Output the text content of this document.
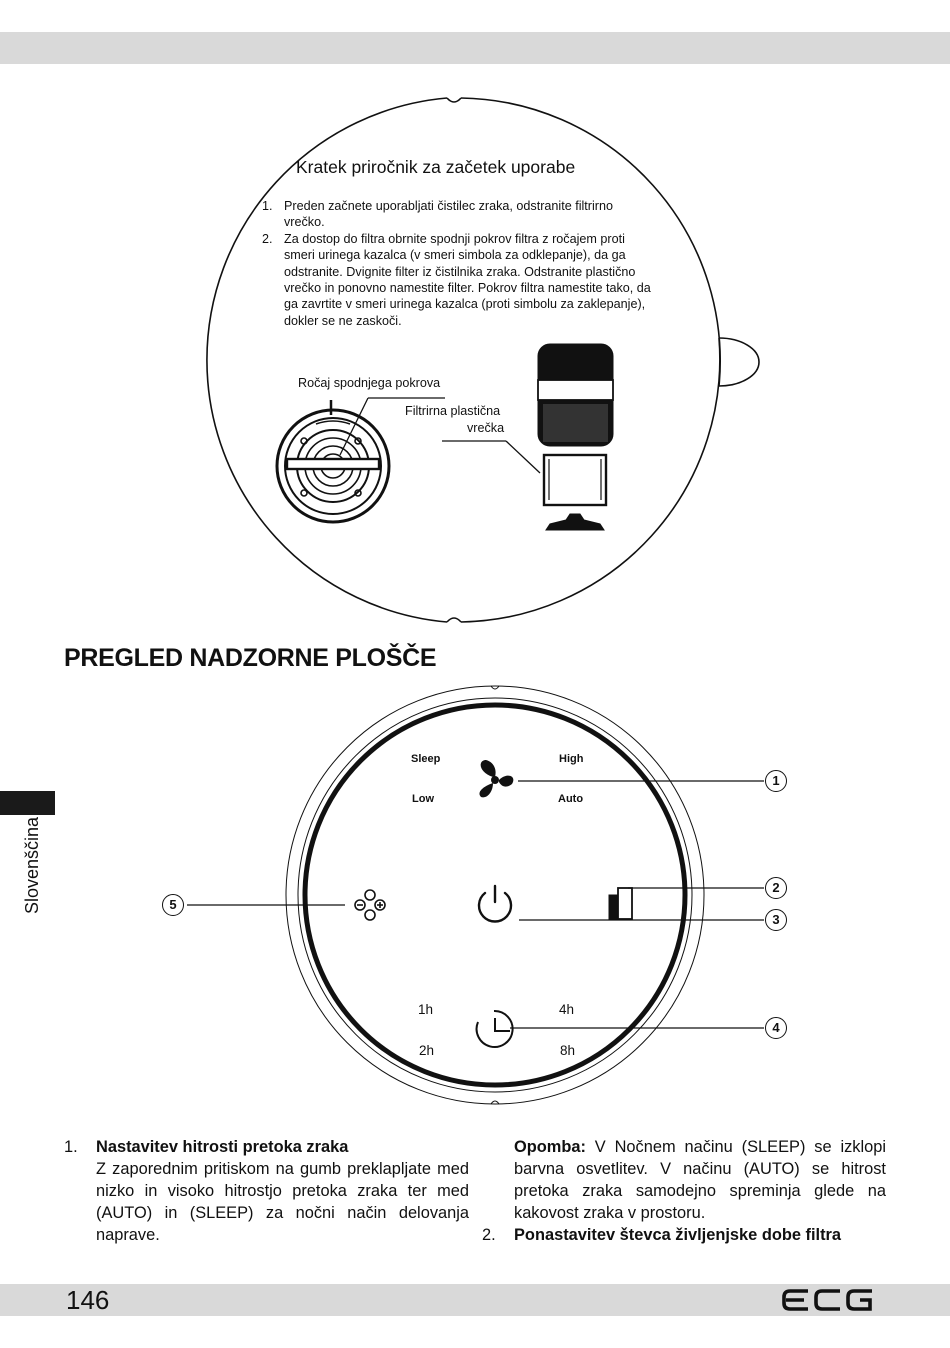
Kratek priročnik za začetek uporabe
1. Preden začnete uporabljati čistilec zraka, odstranite filtrirno vrečko.
2. Za dostop do filtra obrnite spodnji pokrov filtra z ročajem proti smeri urinega kazalca (v smeri simbola za odklepanje), da ga odstranite. Dvignite filter iz čistilnika zraka. Odstranite plastično vrečko in ponovno namestite filter. Pokrov filtra namestite tako, da ga zavrtite v smeri urinega kazalca (proti simbolu za zaklepanje), dokler se ne zaskoči.
Ročaj spodnjega pokrova
Filtrirna plastična
vrečka
PREGLED NADZORNE PLOŠČE
Slovenščina
Sleep	High
Low	Auto
1h	4h
2h	8h
1
2
3
4
5
1. Nastavitev hitrosti pretoka zraka

Z zaporednim pritiskom na gumb preklapljate med nizko in visoko hitrostjo pretoka zraka ter med (AUTO) in (SLEEP) za nočni način delovanja naprave.

Opomba: V Nočnem načinu (SLEEP) se izklopi barvna osvetlitev. V načinu (AUTO) se hitrost pretoka zraka samodejno spreminja glede na kakovost zraka v prostoru.

2. Ponastavitev števca življenjske dobe filtra
146
